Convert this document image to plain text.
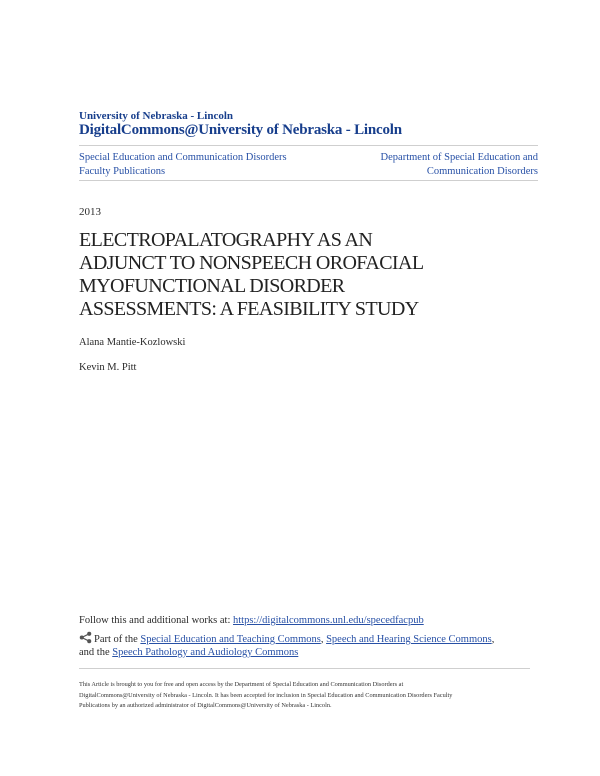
University of Nebraska - Lincoln
DigitalCommons@University of Nebraska - Lincoln
Special Education and Communication Disorders
Faculty Publications
Department of Special Education and
Communication Disorders
2013
ELECTROPALATOGRAPHY AS AN
ADJUNCT TO NONSPEECH OROFACIAL
MYOFUNCTIONAL DISORDER
ASSESSMENTS: A FEASIBILITY STUDY
Alana Mantie-Kozlowski
Kevin M. Pitt
Follow this and additional works at: https://digitalcommons.unl.edu/specedfacpub
Part of the Special Education and Teaching Commons, Speech and Hearing Science Commons,
and the Speech Pathology and Audiology Commons
This Article is brought to you for free and open access by the Department of Special Education and Communication Disorders at
DigitalCommons@University of Nebraska - Lincoln. It has been accepted for inclusion in Special Education and Communication Disorders Faculty
Publications by an authorized administrator of DigitalCommons@University of Nebraska - Lincoln.
